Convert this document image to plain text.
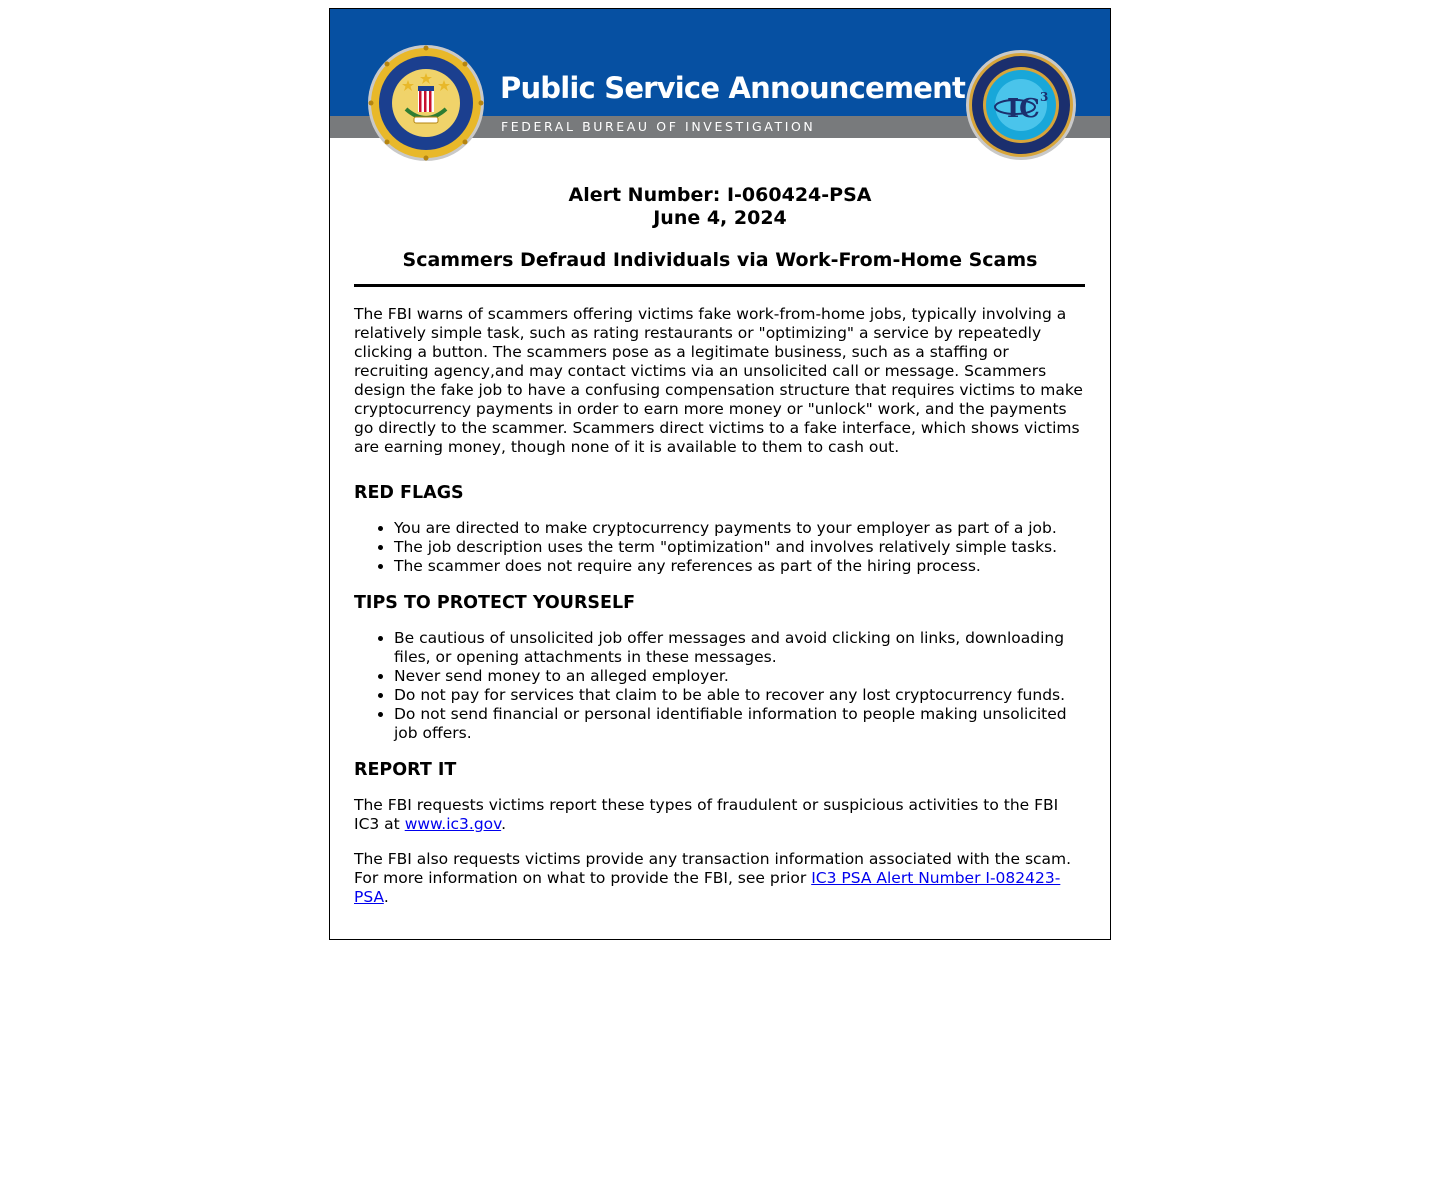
Public Service Announcement
FEDERAL BUREAU OF INVESTIGATION
IC 3
Alert Number: I-060424-PSA
June 4, 2024
Scammers Defraud Individuals via Work-From-Home Scams

The FBI warns of scammers offering victims fake work-from-home jobs, typically involving a relatively simple task, such as rating restaurants or "optimizing" a service by repeatedly clicking a button. The scammers pose as a legitimate business, such as a staffing or recruiting agency,and may contact victims via an unsolicited call or message. Scammers design the fake job to have a confusing compensation structure that requires victims to make cryptocurrency payments in order to earn more money or "unlock" work, and the payments go directly to the scammer. Scammers direct victims to a fake interface, which shows victims are earning money, though none of it is available to them to cash out.

RED FLAGS
• You are directed to make cryptocurrency payments to your employer as part of a job.
• The job description uses the term "optimization" and involves relatively simple tasks.
• The scammer does not require any references as part of the hiring process.
TIPS TO PROTECT YOURSELF
• Be cautious of unsolicited job offer messages and avoid clicking on links, downloading files, or opening attachments in these messages.
• Never send money to an alleged employer.
• Do not pay for services that claim to be able to recover any lost cryptocurrency funds.
• Do not send financial or personal identifiable information to people making unsolicited job offers.
REPORT IT

The FBI requests victims report these types of fraudulent or suspicious activities to the FBI IC3 at www.ic3.gov.

The FBI also requests victims provide any transaction information associated with the scam. For more information on what to provide the FBI, see prior IC3 PSA Alert Number I-082423-PSA.
